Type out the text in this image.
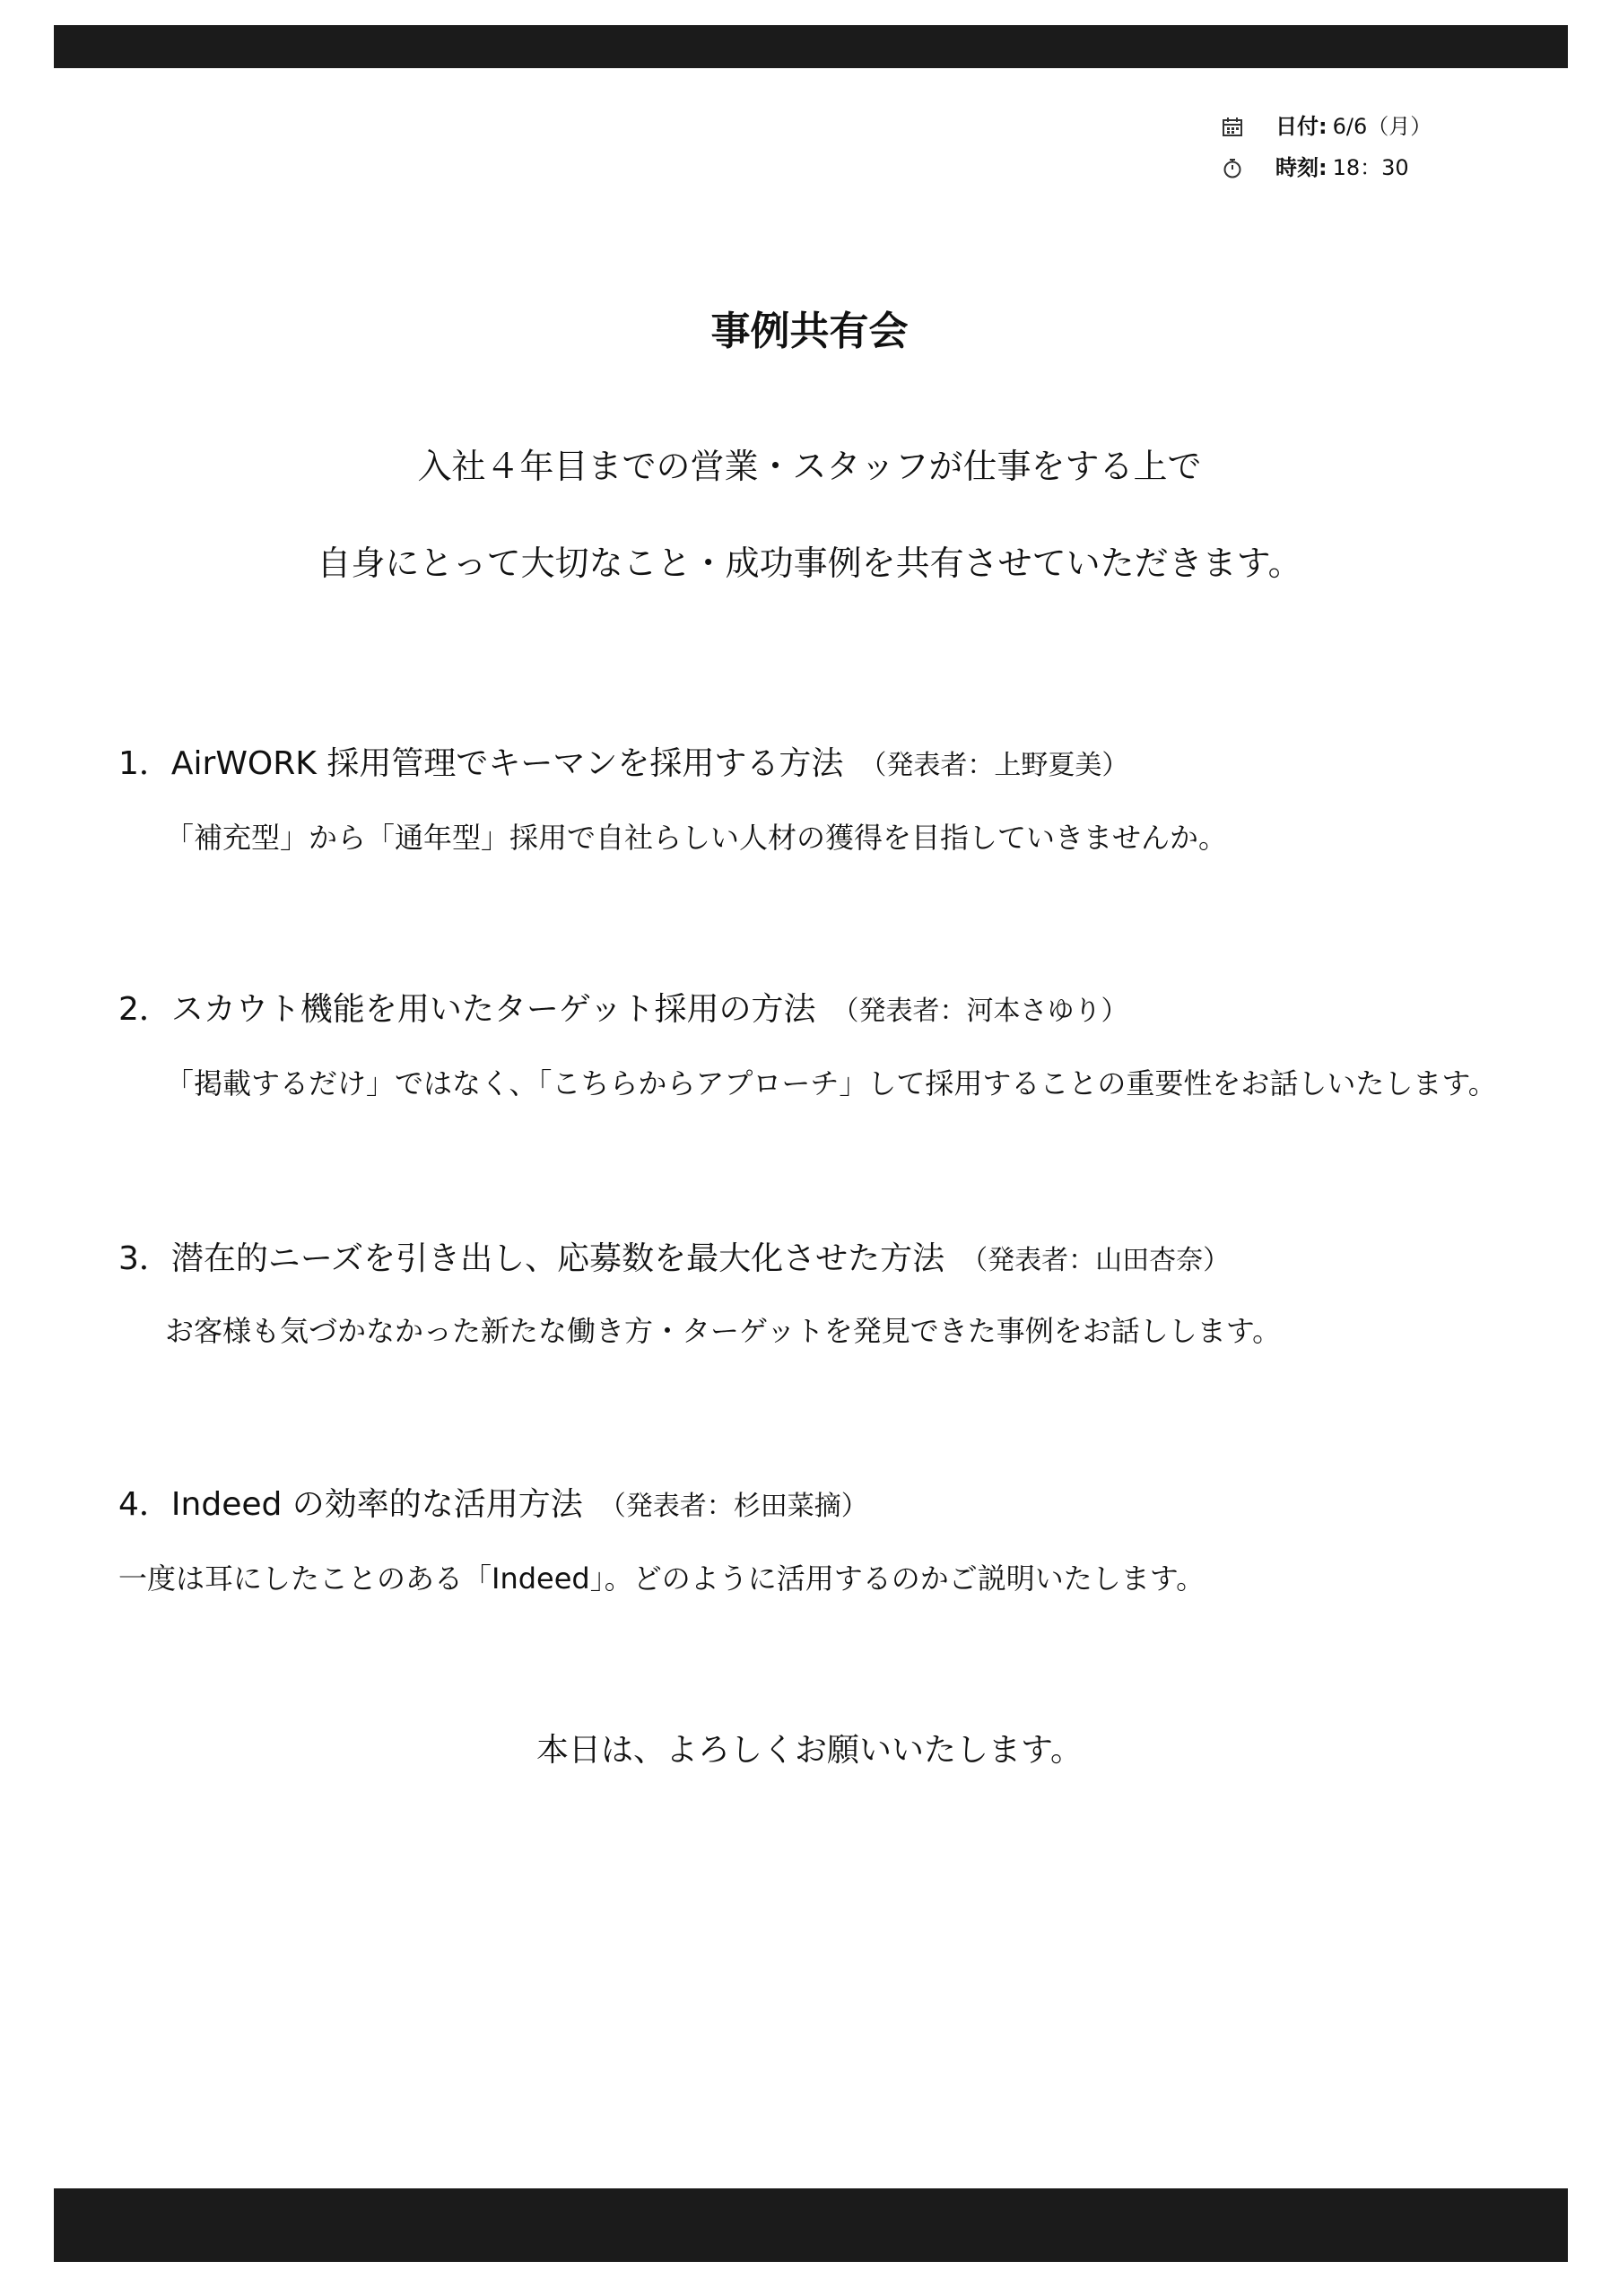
日付: 6/6（月）
時刻: 18：30
事例共有会
入社４年目までの営業・スタッフが仕事をする上で
自身にとって大切なこと・成功事例を共有させていただきます。
1．AirWORK 採用管理でキーマンを採用する方法 （発表者：上野夏美）
「補充型」から「通年型」採用で自社らしい人材の獲得を目指していきませんか。
2．スカウト機能を用いたターゲット採用の方法 （発表者：河本さゆり）
「掲載するだけ」ではなく、「こちらからアプローチ」して採用することの重要性をお話しいたします。
3．潜在的ニーズを引き出し、応募数を最大化させた方法 （発表者：山田杏奈）
お客様も気づかなかった新たな働き方・ターゲットを発見できた事例をお話しします。
4．Indeed の効率的な活用方法 （発表者：杉田菜摘）
一度は耳にしたことのある「Indeed」。どのように活用するのかご説明いたします。
本日は、よろしくお願いいたします。
